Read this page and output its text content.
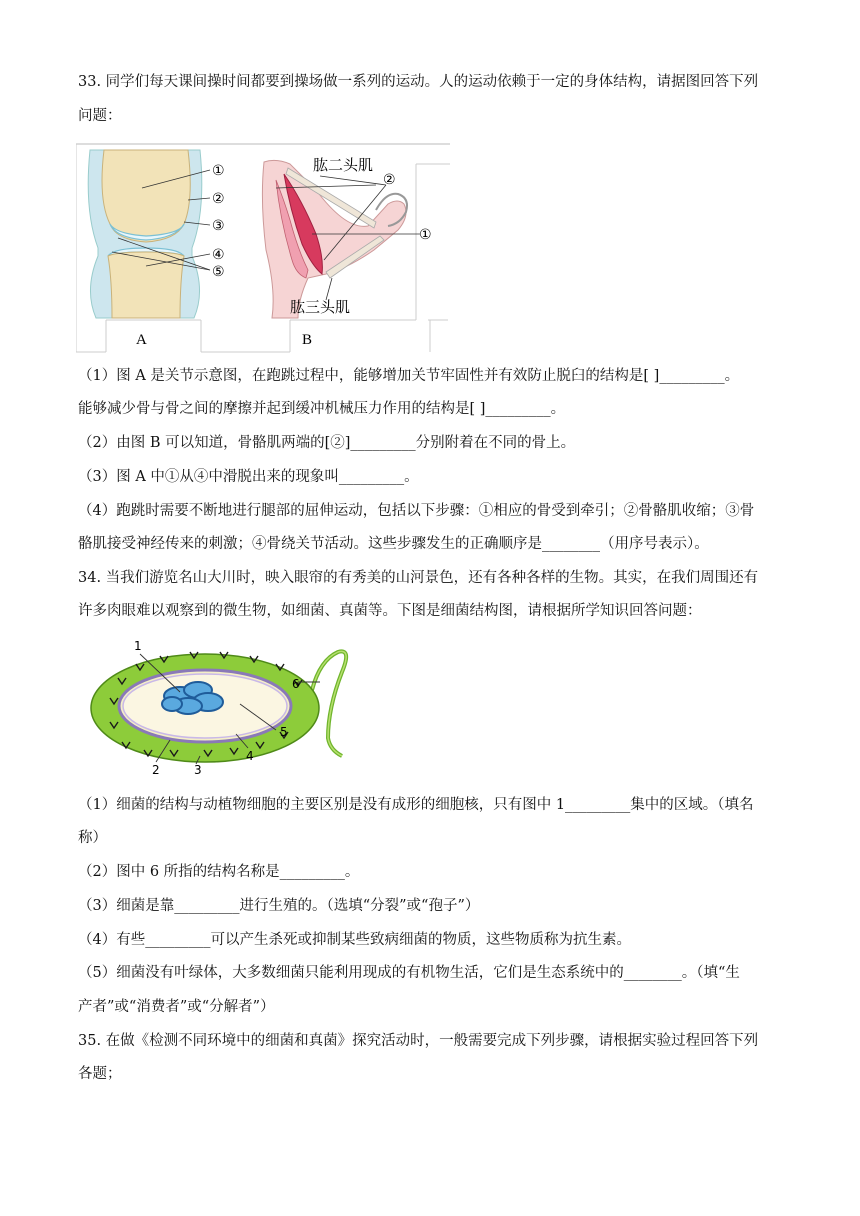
33. 同学们每天课间操时间都要到操场做一系列的运动。人的运动依赖于一定的身体结构，请据图回答下列
问题：
①
②
③
④
⑤
A
肱二头肌
肱三头肌
②
①
B
（1）图 A 是关节示意图，在跑跳过程中，能够增加关节牢固性并有效防止脱臼的结构是[ ]_________。
能够减少骨与骨之间的摩擦并起到缓冲机械压力作用的结构是[ ]_________。
（2）由图 B 可以知道，骨骼肌两端的[②]_________分别附着在不同的骨上。
（3）图 A 中①从④中滑脱出来的现象叫_________。
（4）跑跳时需要不断地进行腿部的屈伸运动，包括以下步骤：①相应的骨受到牵引；②骨骼肌收缩；③骨
骼肌接受神经传来的刺激；④骨绕关节活动。这些步骤发生的正确顺序是________（用序号表示）。
34. 当我们游览名山大川时，映入眼帘的有秀美的山河景色，还有各种各样的生物。其实，在我们周围还有
许多肉眼难以观察到的微生物，如细菌、真菌等。下图是细菌结构图，请根据所学知识回答问题：
1
6
5
4
3
2
（1）细菌的结构与动植物细胞的主要区别是没有成形的细胞核，只有图中 1_________集中的区域。（填名
称）
（2）图中 6 所指的结构名称是_________。
（3）细菌是靠_________进行生殖的。（选填“分裂”或“孢子”）
（4）有些_________可以产生杀死或抑制某些致病细菌的物质，这些物质称为抗生素。
（5）细菌没有叶绿体，大多数细菌只能利用现成的有机物生活，它们是生态系统中的________。（填“生
产者”或“消费者”或“分解者”）
35. 在做《检测不同环境中的细菌和真菌》探究活动时，一般需要完成下列步骤，请根据实验过程回答下列
各题；
